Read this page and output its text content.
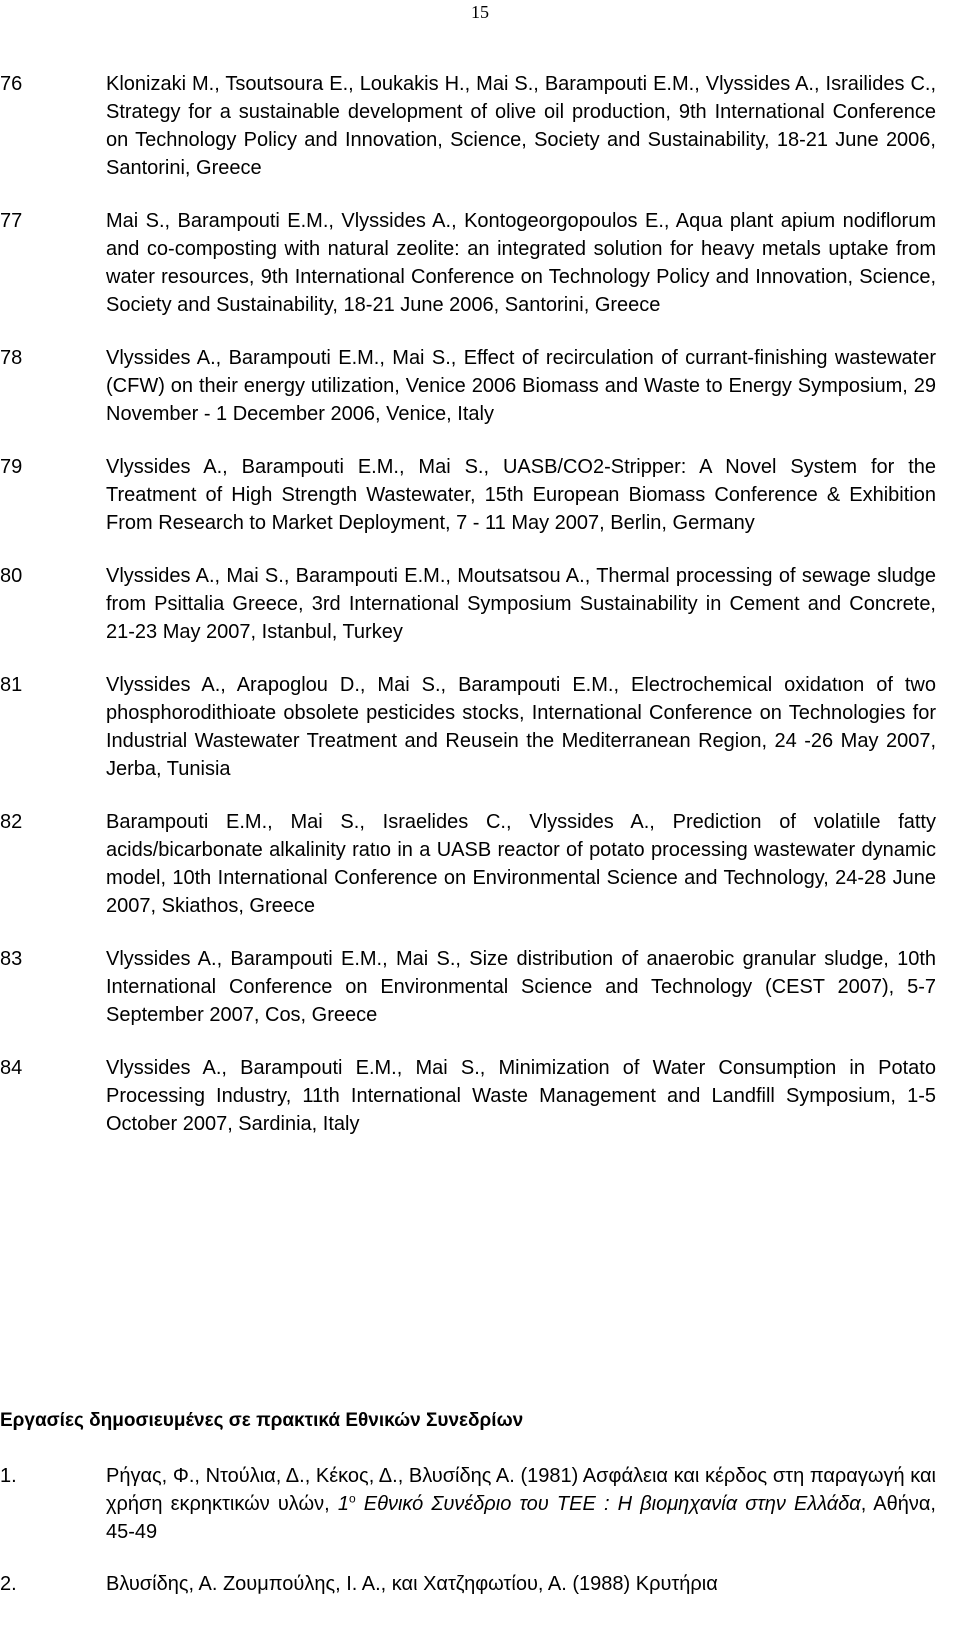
15
76	Klonizaki M., Tsoutsoura E., Loukakis H., Mai S., Barampouti E.M., Vlyssides A., Israilides C., Strategy for a sustainable development of olive oil production, 9th International Conference on Technology Policy and Innovation, Science, Society and Sustainability, 18-21 June 2006, Santorini, Greece

77	Mai S., Barampouti E.M., Vlyssides A., Kontogeorgopoulos E., Aqua plant apium nodiflorum and co-composting with natural zeolite: an integrated solution for heavy metals uptake from water resources, 9th International Conference on Technology Policy and Innovation, Science, Society and Sustainability, 18-21 June 2006, Santorini, Greece

78	Vlyssides A., Barampouti E.M., Mai S., Effect of recirculation of currant-finishing wastewater (CFW) on their energy utilization, Venice 2006 Biomass and Waste to Energy Symposium, 29 November - 1 December 2006, Venice, Italy

79	Vlyssides A., Barampouti E.M., Mai S., UASB/CO2-Stripper: A Novel System for the Treatment of High Strength Wastewater, 15th European Biomass Conference & Exhibition From Research to Market Deployment, 7 - 11 May 2007, Berlin, Germany

80	Vlyssides A., Mai S., Barampouti E.M., Moutsatsou A., Thermal processing of sewage sludge from Psittalia Greece, 3rd International Symposium Sustainability in Cement and Concrete, 21-23 May 2007, Istanbul, Turkey

81	Vlyssides A., Arapoglou D., Mai S., Barampouti E.M., Electrochemical oxidatιon of two phosphorodithioate obsolete pesticides stocks, International Conference on Technologies for Industrial Wastewater Treatment and Reusein the Mediterranean Region, 24 -26 May 2007, Jerba, Tunisia

82	Barampouti E.M., Mai S., Israelides C., Vlyssides A., Prediction of volatiιle fatty acids/bicarbonate alkalinity ratιo in a UASB reactor of potato processing wastewater dynamic model, 10th International Conference on Environmental Science and Technology, 24-28 June 2007, Skiathos, Greece

83	Vlyssides A., Barampouti E.M., Mai S., Size distribution of anaerobic granular sludge, 10th International Conference on Environmental Science and Technology (CEST 2007), 5-7 September 2007, Cos, Greece

84	Vlyssides A., Barampouti E.M., Mai S., Minimization of Water Consumption in Potato Processing Industry, 11th International Waste Management and Landfill Symposium, 1-5 October 2007, Sardinia, Italy

Εργασίες δημοσιευμένες σε πρακτικά Εθνικών Συνεδρίων
1.	Ρήγας, Φ., Ντούλια, Δ., Κέκος, Δ., Βλυσίδης Α. (1981) Ασφάλεια και κέρδος στη παραγωγή και χρήση εκρηκτικών υλών, $1^o$ Εθνικό Συνέδριο του ΤΕΕ : Η βιομηχανία στην Ελλάδα, Αθήνα, 45-49

2.	Βλυσίδης, Α. Ζουμπούλης, Ι. Α., και Χατζηφωτίου, Α. (1988) Κρυτήρια
